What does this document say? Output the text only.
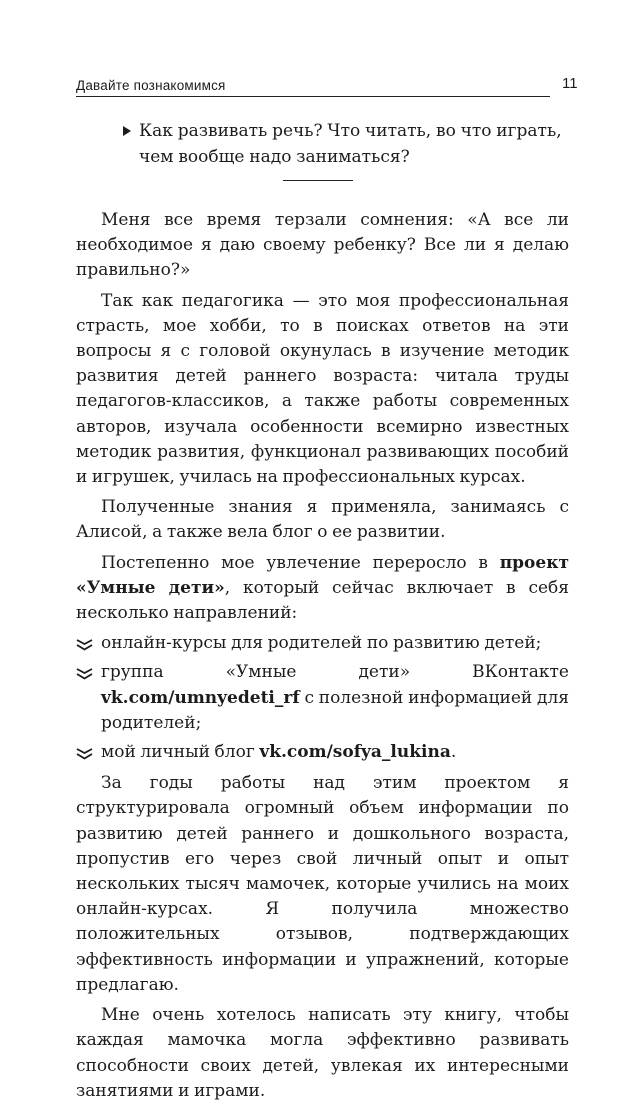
Давайте познакомимся	11
Как развивать речь? Что читать, во что играть,
чем вообще надо заниматься?

Меня все время терзали сомнения: «А все ли необходимое я даю своему ребенку? Все ли я делаю правильно?»

Так как педагогика — это моя профессиональная страсть, мое хобби, то в поисках ответов на эти вопросы я с головой окунулась в изучение методик развития детей раннего возраста: читала труды педагогов-классиков, а также работы современных авторов, изучала особенности всемирно известных методик развития, функционал развивающих пособий и игрушек, училась на профессиональных курсах.

Полученные знания я применяла, занимаясь с Алисой, а также вела блог о ее развитии.

Постепенно мое увлечение переросло в проект «Умные дети», который сейчас включает в себя несколько направлений:

онлайн-курсы для родителей по развитию детей;
группа «Умные дети» ВКонтакте vk.com/umnyedeti_rf с полезной информацией для родителей;
мой личный блог vk.com/sofya_lukina.

За годы работы над этим проектом я структурировала огромный объем информации по развитию детей раннего и дошкольного возраста, пропустив его через свой личный опыт и опыт нескольких тысяч мамочек, которые учились на моих онлайн-курсах. Я получила множество положительных отзывов, подтверждающих эффективность информации и упражнений, которые предлагаю.

Мне очень хотелось написать эту книгу, чтобы каждая мамочка могла эффективно развивать способности своих детей, увлекая их интересными занятиями и играми.
